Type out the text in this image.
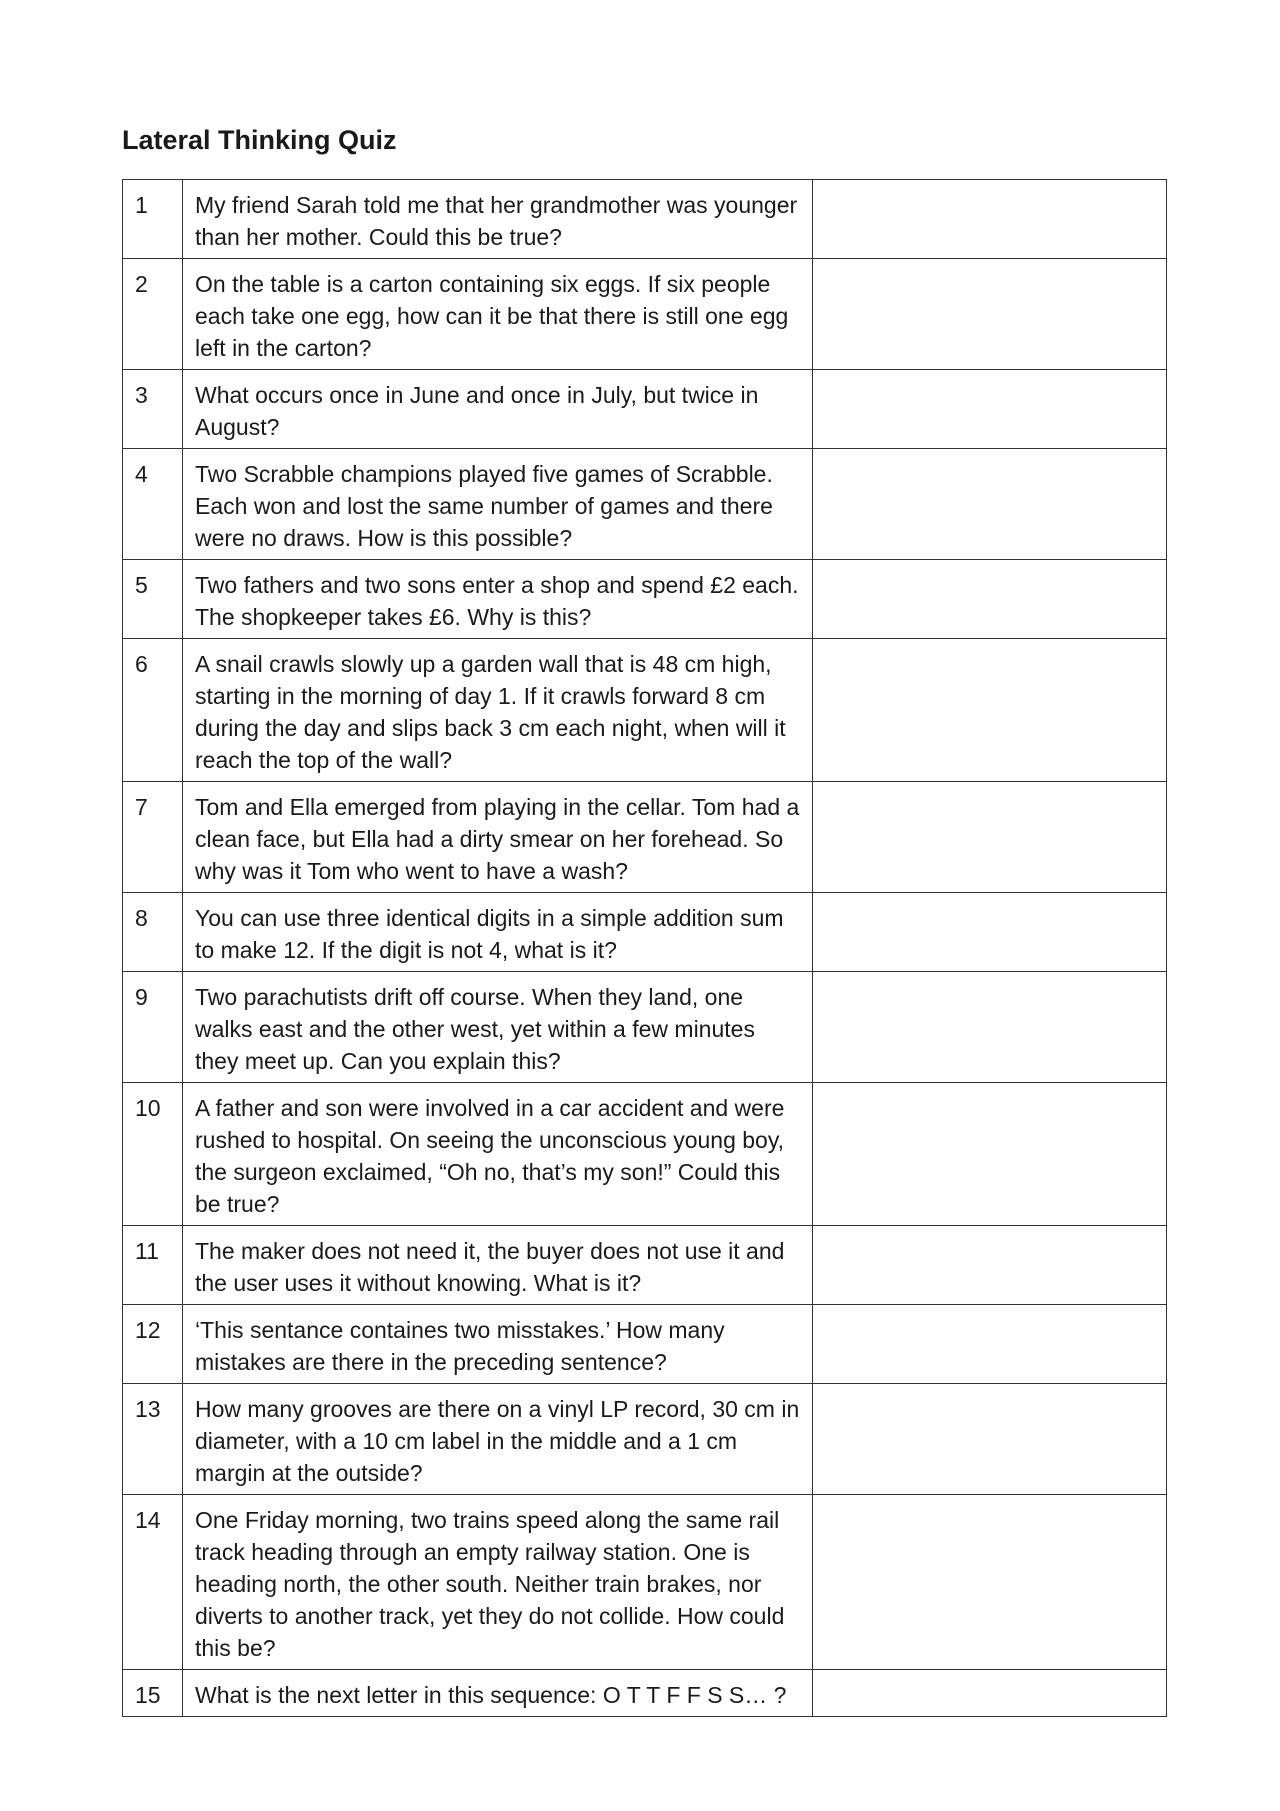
Lateral Thinking Quiz
1	My friend Sarah told me that her grandmother was younger than her mother. Could this be true?	
2	On the table is a carton containing six eggs. If six people each take one egg, how can it be that there is still one egg left in the carton?	
3	What occurs once in June and once in July, but twice in August?	
4	Two Scrabble champions played five games of Scrabble. Each won and lost the same number of games and there were no draws. How is this possible?	
5	Two fathers and two sons enter a shop and spend £2 each. The shopkeeper takes £6. Why is this?	
6	A snail crawls slowly up a garden wall that is 48 cm high, starting in the morning of day 1. If it crawls forward 8 cm during the day and slips back 3 cm each night, when will it reach the top of the wall?	
7	Tom and Ella emerged from playing in the cellar. Tom had a clean face, but Ella had a dirty smear on her forehead. So why was it Tom who went to have a wash?	
8	You can use three identical digits in a simple addition sum to make 12. If the digit is not 4, what is it?	
9	Two parachutists drift off course. When they land, one walks east and the other west, yet within a few minutes they meet up. Can you explain this?	
10	A father and son were involved in a car accident and were rushed to hospital. On seeing the unconscious young boy, the surgeon exclaimed, “Oh no, that’s my son!” Could this be true?	
11	The maker does not need it, the buyer does not use it and the user uses it without knowing. What is it?	
12	‘This sentance containes two misstakes.’ How many mistakes are there in the preceding sentence?	
13	How many grooves are there on a vinyl LP record, 30 cm in diameter, with a 10 cm label in the middle and a 1 cm margin at the outside?	
14	One Friday morning, two trains speed along the same rail track heading through an empty railway station. One is heading north, the other south. Neither train brakes, nor diverts to another track, yet they do not collide. How could this be?	
15	What is the next letter in this sequence: O T T F F S S… ?	
